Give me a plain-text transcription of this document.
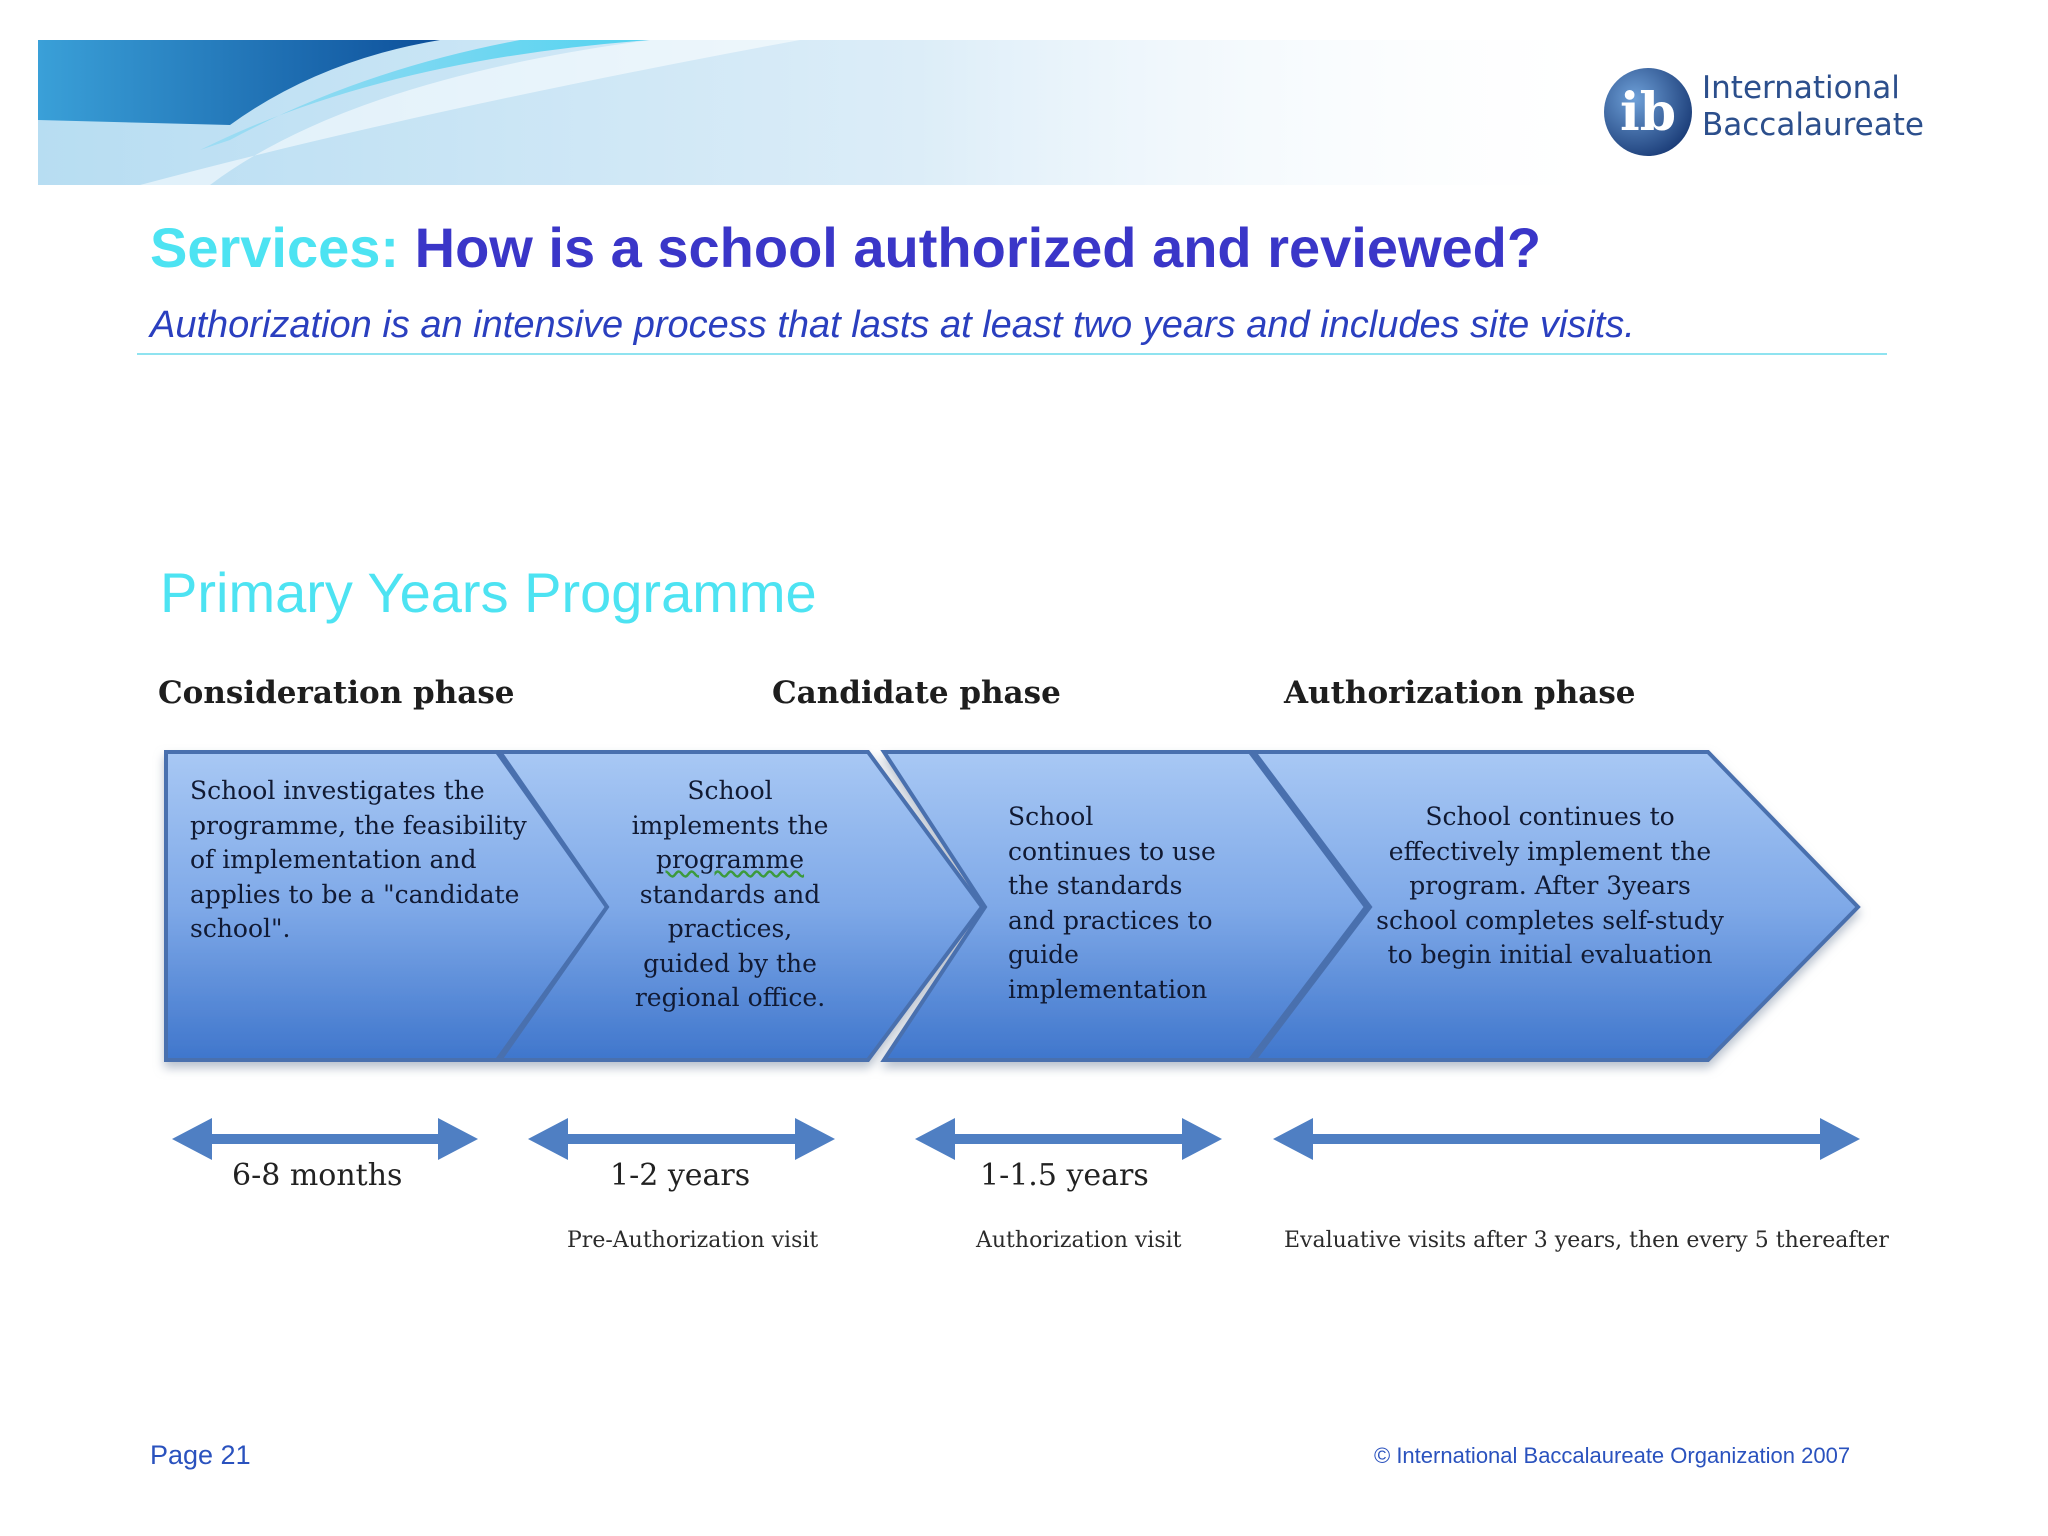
ib International
Baccalaureate
Services: How is a school authorized and reviewed?
Authorization is an intensive process that lasts at least two years and includes site visits.
Primary Years Programme
Consideration phase	Candidate phase	Authorization phase
School investigates the
programme, the feasibility
of implementation and
applies to be a "candidate
school".
School
implements the
programme
standards and
practices,
guided by the
regional office.
School
continues to use
the standards
and practices to
guide
implementation
School continues to
effectively implement the
program. After 3years
school completes self-study
to begin initial evaluation
6-8 months	1-2 years	1-1.5 years
Pre-Authorization visit	Authorization visit	Evaluative visits after 3 years, then every 5 thereafter
Page 21	© International Baccalaureate Organization 2007
